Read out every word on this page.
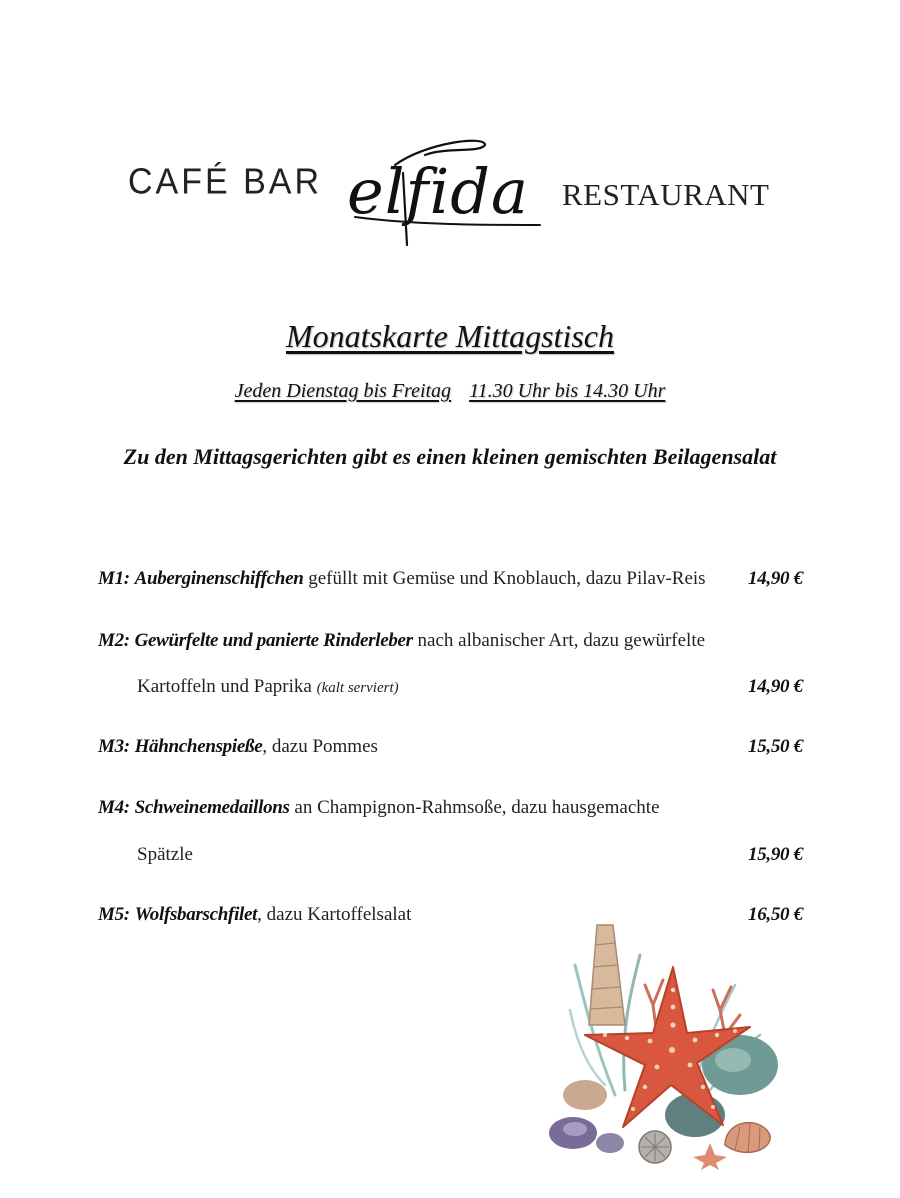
CAFÉ BAR elfida RESTAURANT
Monatskarte Mittagstisch
Jeden Dienstag bis Freitag 11.30 Uhr bis 14.30 Uhr
Zu den Mittagsgerichten gibt es einen kleinen gemischten Beilagensalat
M1: Auberginenschiffchen gefüllt mit Gemüse und Knoblauch, dazu Pilav-Reis 14,90 €
M2: Gewürfelte und panierte Rinderleber nach albanischer Art, dazu gewürfelte
Kartoffeln und Paprika (kalt serviert)	14,90 €
M3: Hähnchenspieße, dazu Pommes	15,50 €
M4: Schweinemedaillons an Champignon-Rahmsoße, dazu hausgemachte
Spätzle	15,90 €
M5: Wolfsbarschfilet, dazu Kartoffelsalat	16,50 €
